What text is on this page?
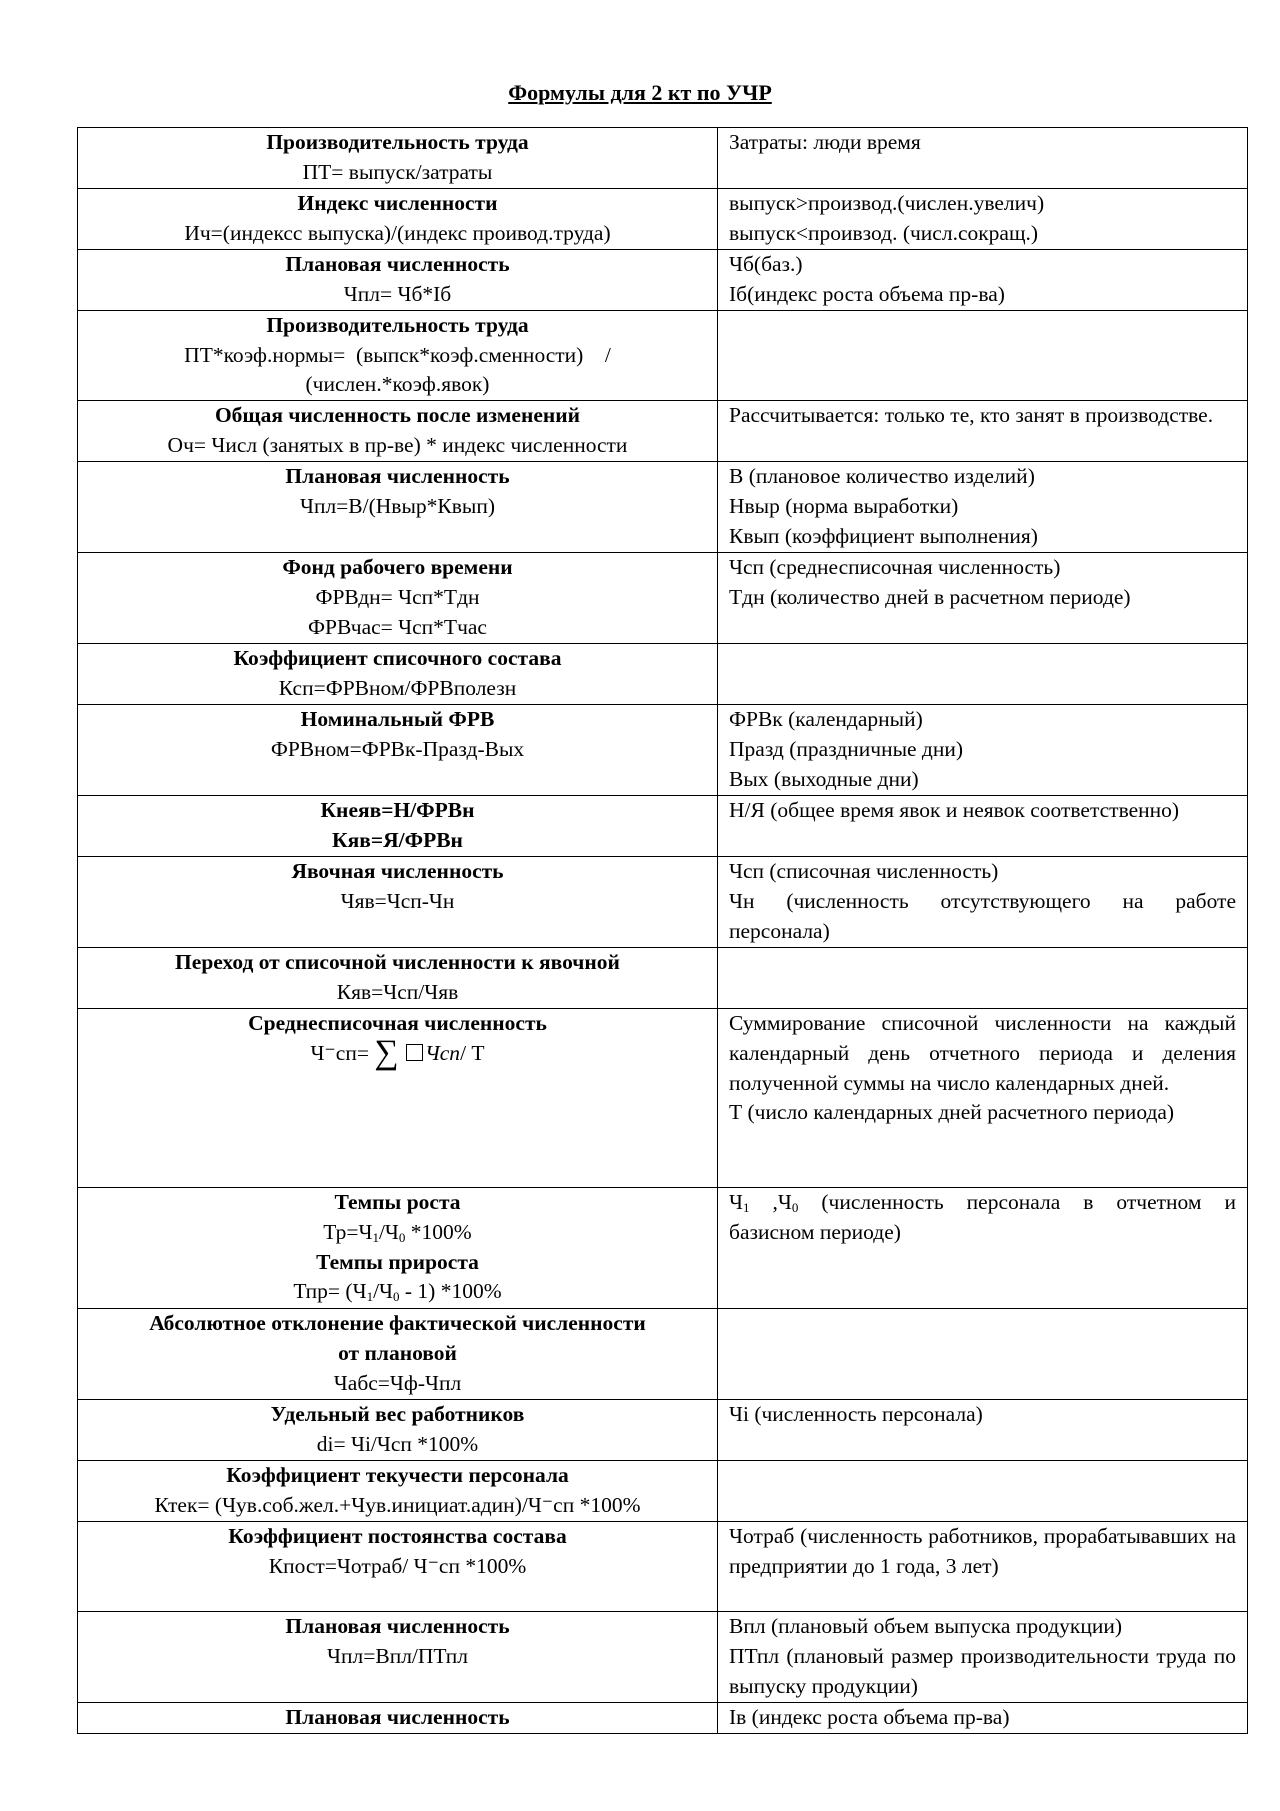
Формулы для 2 кт по УЧР
Производительность труда
ПТ= выпуск/затраты	Затраты: люди время

Индекс численности
Ич=(индексс выпуска)/(индекс проивод.труда)	выпуск>производ.(числен.увелич)
выпуск<проивзод. (числ.сокращ.)

Плановая численность
Чпл= Чб*Iб	Чб(баз.)
Iб(индекс роста объема пр-ва)

Производительность труда
ПТ*коэф.нормы=  (выпск*коэф.сменности)    /
(числен.*коэф.явок)	

Общая численность после изменений
Оч= Числ (занятых в пр-ве) * индекс численности	Рассчитывается: только те, кто занят в производстве.

Плановая численность
Чпл=В/(Нвыр*Квып)	В (плановое количество изделий)
Нвыр (норма выработки)
Квып (коэффициент выполнения)

Фонд рабочего времени
ФРВдн= Чсп*Тдн
ФРВчас= Чсп*Тчас	Чсп (среднесписочная численность)
Тдн (количество дней в расчетном периоде)

Коэффициент списочного состава
Ксп=ФРВном/ФРВполезн	

Номинальный ФРВ
ФРВном=ФРВк-Празд-Вых	ФРВк (календарный)
Празд (праздничные дни)
Вых (выходные дни)

Кнеяв=Н/ФРВн
Кяв=Я/ФРВн	Н/Я (общее время явок и неявок соответственно)

Явочная численность
Чяв=Чсп-Чн	Чсп (списочная численность)
Чн (численность отсутствующего на работе персонала)

Переход от списочной численности к явочной
Кяв=Чсп/Чяв	

Среднесписочная численность
Ч⁻сп= ∑ Чсп/ Т	Суммирование списочной численности на каждый календарный день отчетного периода и деления полученной суммы на число календарных дней.
Т (число календарных дней расчетного периода)

Темпы роста
$Тр=Ч_1/Ч_0$ *100%
Темпы прироста
$Тпр= (Ч_1/Ч_0 - 1)$ *100%	$Ч_1$ $,Ч_0$ (численность персонала в отчетном и
базисном периоде)

Абсолютное отклонение фактической численности
от плановой
Чабс=Чф-Чпл	

Удельный вес работников
di= Чi/Чсп *100%	Чi (численность персонала)

Коэффициент текучести персонала
Ктек= (Чув.соб.жел.+Чув.инициат.адин)/Ч⁻сп *100%	

Коэффициент постоянства состава
Кпост=Чотраб/ Ч⁻сп *100%	Чотраб (численность работников, прорабатывавших на предприятии до 1 года, 3 лет)

Плановая численность
Чпл=Впл/ПТпл	Впл (плановый объем выпуска продукции)
ПТпл (плановый размер производительности труда по выпуску продукции)

Плановая численность	Iв (индекс роста объема пр-ва)
